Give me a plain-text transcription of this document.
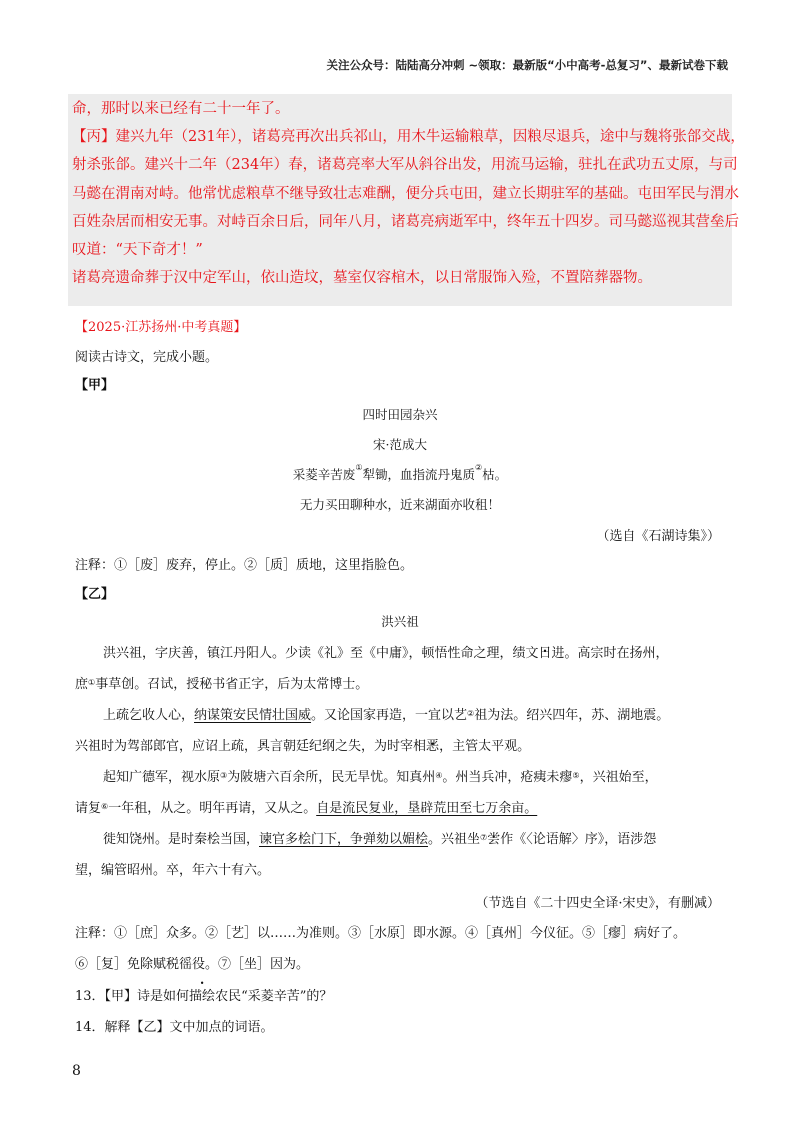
关注公众号：陆陆高分冲刺 ~领取：最新版“小中高考-总复习”、最新试卷下载

命，那时以来已经有二十一年了。

【丙】建兴九年（231年），诸葛亮再次出兵祁山，用木牛运输粮草，因粮尽退兵，途中与魏将张郃交战，

射杀张郃。建兴十二年（234年）春，诸葛亮率大军从斜谷出发，用流马运输，驻扎在武功五丈原，与司

马懿在渭南对峙。他常忧虑粮草不继导致壮志难酬，便分兵屯田，建立长期驻军的基础。屯田军民与渭水

百姓杂居而相安无事。对峙百余日后，同年八月，诸葛亮病逝军中，终年五十四岁。司马懿巡视其营垒后

叹道：“天下奇才！”

诸葛亮遗命葬于汉中定军山，依山造坟，墓室仅容棺木，以日常服饰入殓，不置陪葬器物。

【2025·江苏扬州·中考真题】
阅读古诗文，完成小题。
【甲】
四时田园杂兴
宋·范成大
采菱辛苦废①犁锄，血指流丹鬼质②枯。
无力买田聊种水，近来湖面亦收租！
（选自《石湖诗集》）
注释：①［废］废弃，停止。②［质］质地，这里指脸色。
【乙】
洪兴祖

洪兴祖，字庆善，镇江丹阳人。少读《礼》至《中庸》，顿悟性命之理，绩文日 •进。高宗时在扬州，

庶①事草创。召试，授秘书省正字，后为太常博士。

上疏乞收人心，纳谋策安民情壮国威。又论国家再造，一宜以艺②祖为法。绍兴四年，苏、湖地震。

兴祖时为驾部郎官，应诏上疏，具 •言朝廷纪纲之失，为时宰相恶 •，主管太平观。

起知广德军，视水原③为陂塘六百余所，民无旱忧。知真州④。州当兵冲，疮痍未瘳⑤，兴祖始至，

请复⑥一年租，从之。明年再请，又从之。自是流民复业，垦辟荒田至七万余亩。

徙知饶州。是时秦桧当国，谏官多桧门下，争弹劾以媚桧。兴祖坐⑦尝 •作《〈论语解〉序》，语涉怨

望，编管昭州。卒，年六十有六。

（节选自《二十四史全译·宋史》，有删减）
注释：①［庶］众多。②［艺］以……为准则。③［水原］即水源。④［真州］今仪征。⑤［瘳］病好了。
⑥［复］免除赋税徭役。⑦［坐］因为。
13．【甲】诗是如何描绘农民“采菱辛苦”的？
14．解释【乙】文中加点的词语。
8
